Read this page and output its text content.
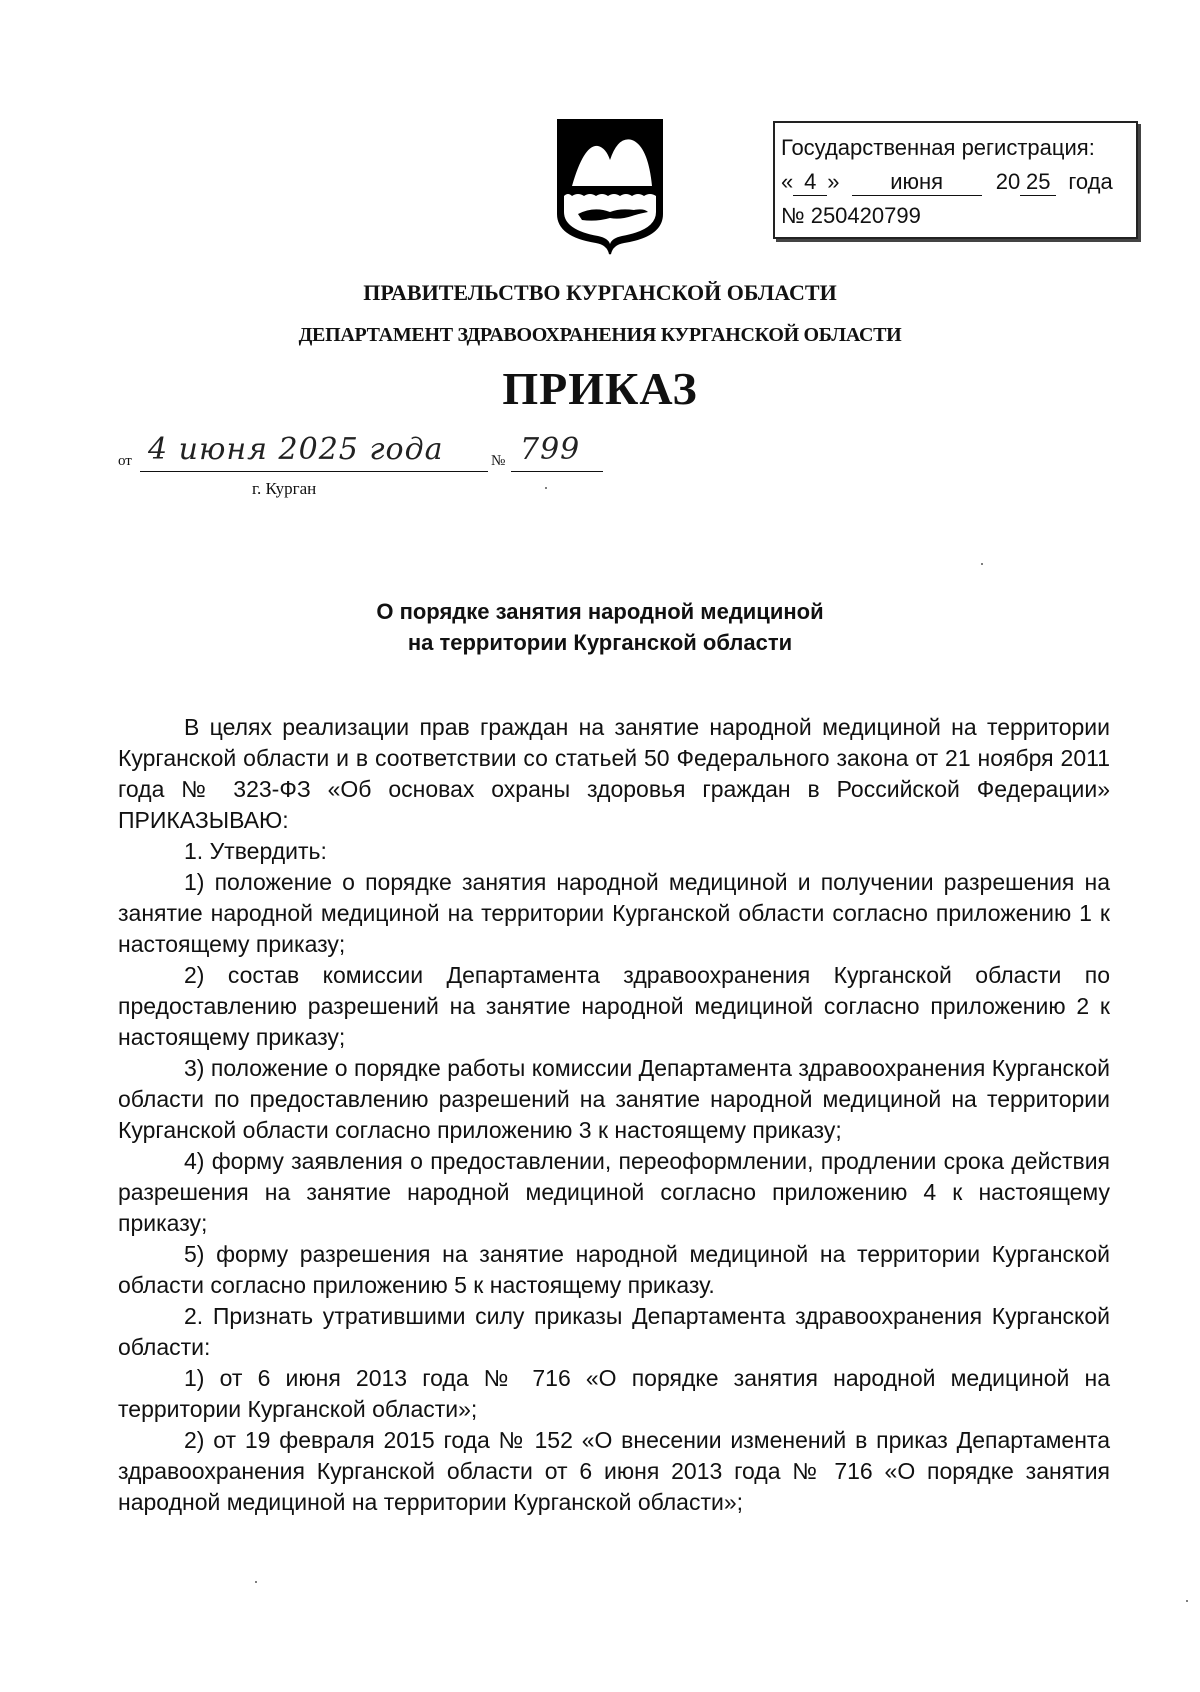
Государственная регистрация:
« 4 » июня 20 25 года
№ 250420799
ПРАВИТЕЛЬСТВО КУРГАНСКОЙ ОБЛАСТИ
ДЕПАРТАМЕНТ ЗДРАВООХРАНЕНИЯ КУРГАНСКОЙ ОБЛАСТИ
ПРИКАЗ
от	№
4 июня 2025 года	799
г. Курган
О порядке занятия народной медициной
на территории Курганской области

В целях реализации прав граждан на занятие народной медициной на территории Курганской области и в соответствии со статьей 50 Федерального закона от 21 ноября 2011 года № 323-ФЗ «Об основах охраны здоровья граждан в Российской Федерации» ПРИКАЗЫВАЮ:

1. Утвердить:

1) положение о порядке занятия народной медициной и получении разрешения на занятие народной медициной на территории Курганской области согласно приложению 1 к настоящему приказу;

2) состав комиссии Департамента здравоохранения Курганской области по предоставлению разрешений на занятие народной медициной согласно приложению 2 к настоящему приказу;

3) положение о порядке работы комиссии Департамента здравоохранения Курганской области по предоставлению разрешений на занятие народной медициной на территории Курганской области согласно приложению 3 к настоящему приказу;

4) форму заявления о предоставлении, переоформлении, продлении срока действия разрешения на занятие народной медициной согласно приложению 4 к настоящему приказу;

5) форму разрешения на занятие народной медициной на территории Курганской области согласно приложению 5 к настоящему приказу.

2. Признать утратившими силу приказы Департамента здравоохранения Курганской области:

1) от 6 июня 2013 года № 716 «О порядке занятия народной медициной на территории Курганской области»;

2) от 19 февраля 2015 года № 152 «О внесении изменений в приказ Департамента здравоохранения Курганской области от 6 июня 2013 года № 716 «О порядке занятия народной медициной на территории Курганской области»;
